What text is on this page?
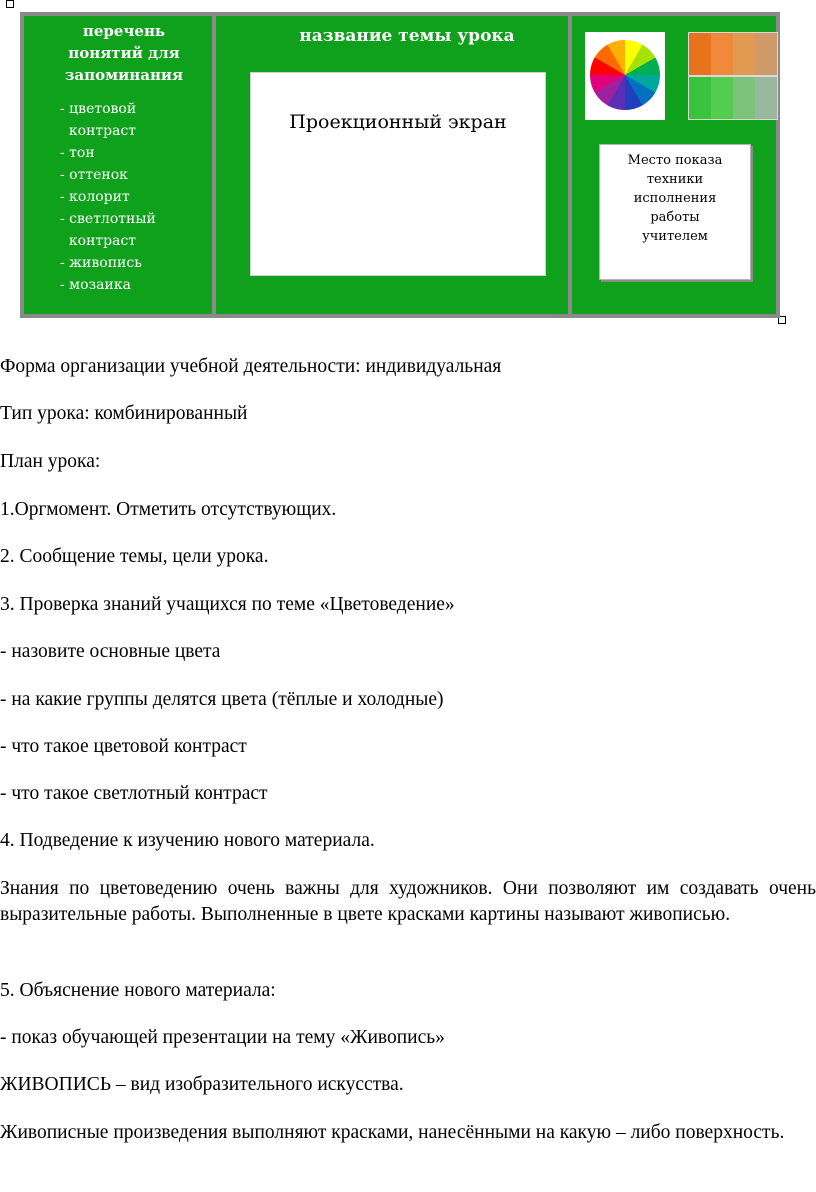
перечень
понятий для
запоминания
- цветовой
контраст
- тон
- оттенок
- колорит
- светлотный
контраст
- живопись
- мозаика
название темы урока
Проекционный экран
Место показа
техники
исполнения
работы
учителем

Форма организации учебной деятельности: индивидуальная

Тип урока: комбинированный

План урока:

1.Оргмомент. Отметить отсутствующих.

2. Сообщение темы, цели урока.

3. Проверка знаний учащихся по теме «Цветоведение»

- назовите основные цвета

- на какие группы делятся цвета (тёплые и холодные)

- что такое цветовой контраст

- что такое светлотный контраст

4. Подведение к изучению нового материала.

Знания по цветоведению очень важны для художников. Они позволяют им создавать очень выразительные работы. Выполненные в цвете красками картины называют живописью.

5. Объяснение нового материала:

- показ обучающей презентации на тему «Живопись»

ЖИВОПИСЬ – вид изобразительного искусства.

Живописные произведения выполняют красками, нанесёнными на какую – либо поверхность.
